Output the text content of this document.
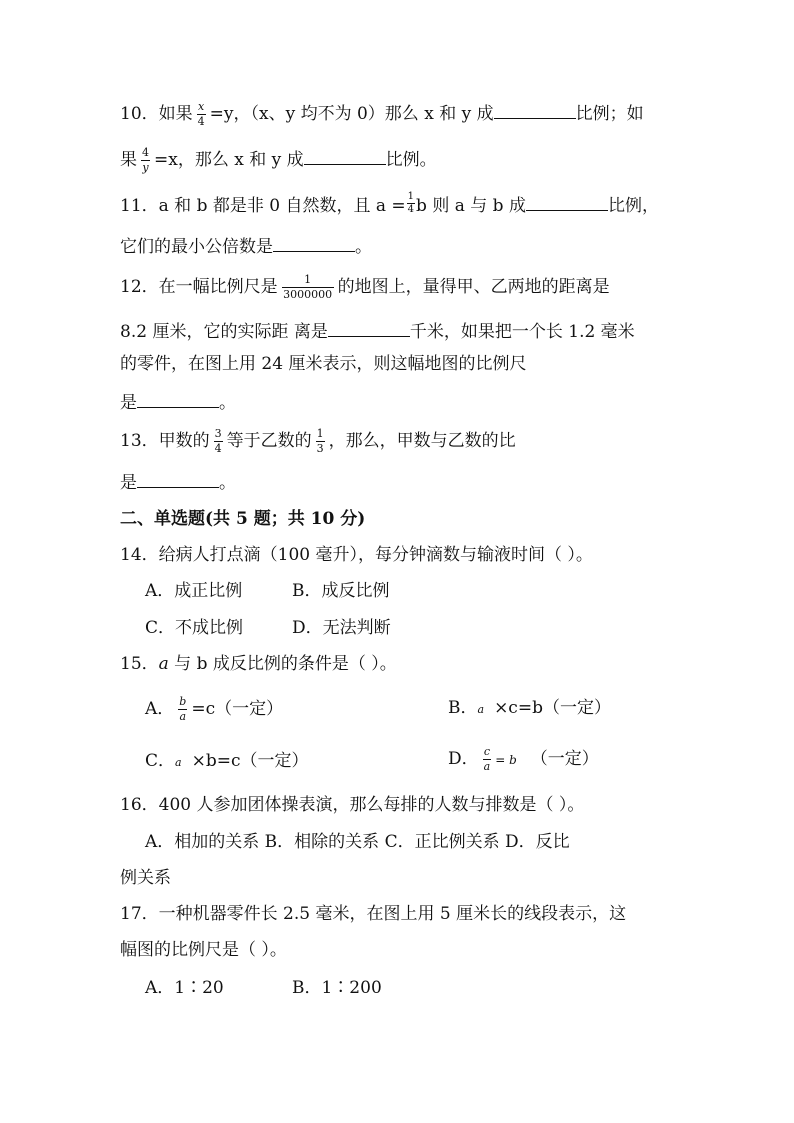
10．如果 $\frac{x}{4} =y$，（x、y 均不为 0）那么 x 和 y 成	比例；如
果 $\frac{4}{y} =x$，那么 x 和 y 成	比例。
11．a 和 b 都是非 0 自然数，且 $a = \frac{1}{4}$ b 则 a 与 b 成	比例，
它们的最小公倍数是	。
12．在一幅比例尺是 $\frac{1}{3000000}$ 的地图上，量得甲、乙两地的距离是
8.2 厘米，它的实际距 离是	千米，如果把一个长 1.2 毫米
的零件，在图上用 24 厘米表示，则这幅地图的比例尺
是	。
13．甲数的 $\frac{3}{4}$ 等于乙数的 $\frac{1}{3}$ ，那么，甲数与乙数的比
是	。
二、单选题(共 5 题；共 10 分)
14．给病人打点滴（100 毫升），每分钟滴数与输液时间（ ）。
A．成正比例	B．成反比例
C．不成比例	D．无法判断
15．a 与 b 成反比例的条件是（ ）。
A． $\frac{b}{a} =c$（一定）	B．a ×c=b（一定）
C．a ×b=c（一定）	D． $\frac{c}{a} = b$ （一定）
16．400 人参加团体操表演，那么每排的人数与排数是（ ）。
A．相加的关系 B．相除的关系 C．正比例关系 D．反比
例关系
17．一种机器零件长 2.5 毫米，在图上用 5 厘米长的线段表示，这
幅图的比例尺是（ ）。
A．1∶20	B．1∶200
